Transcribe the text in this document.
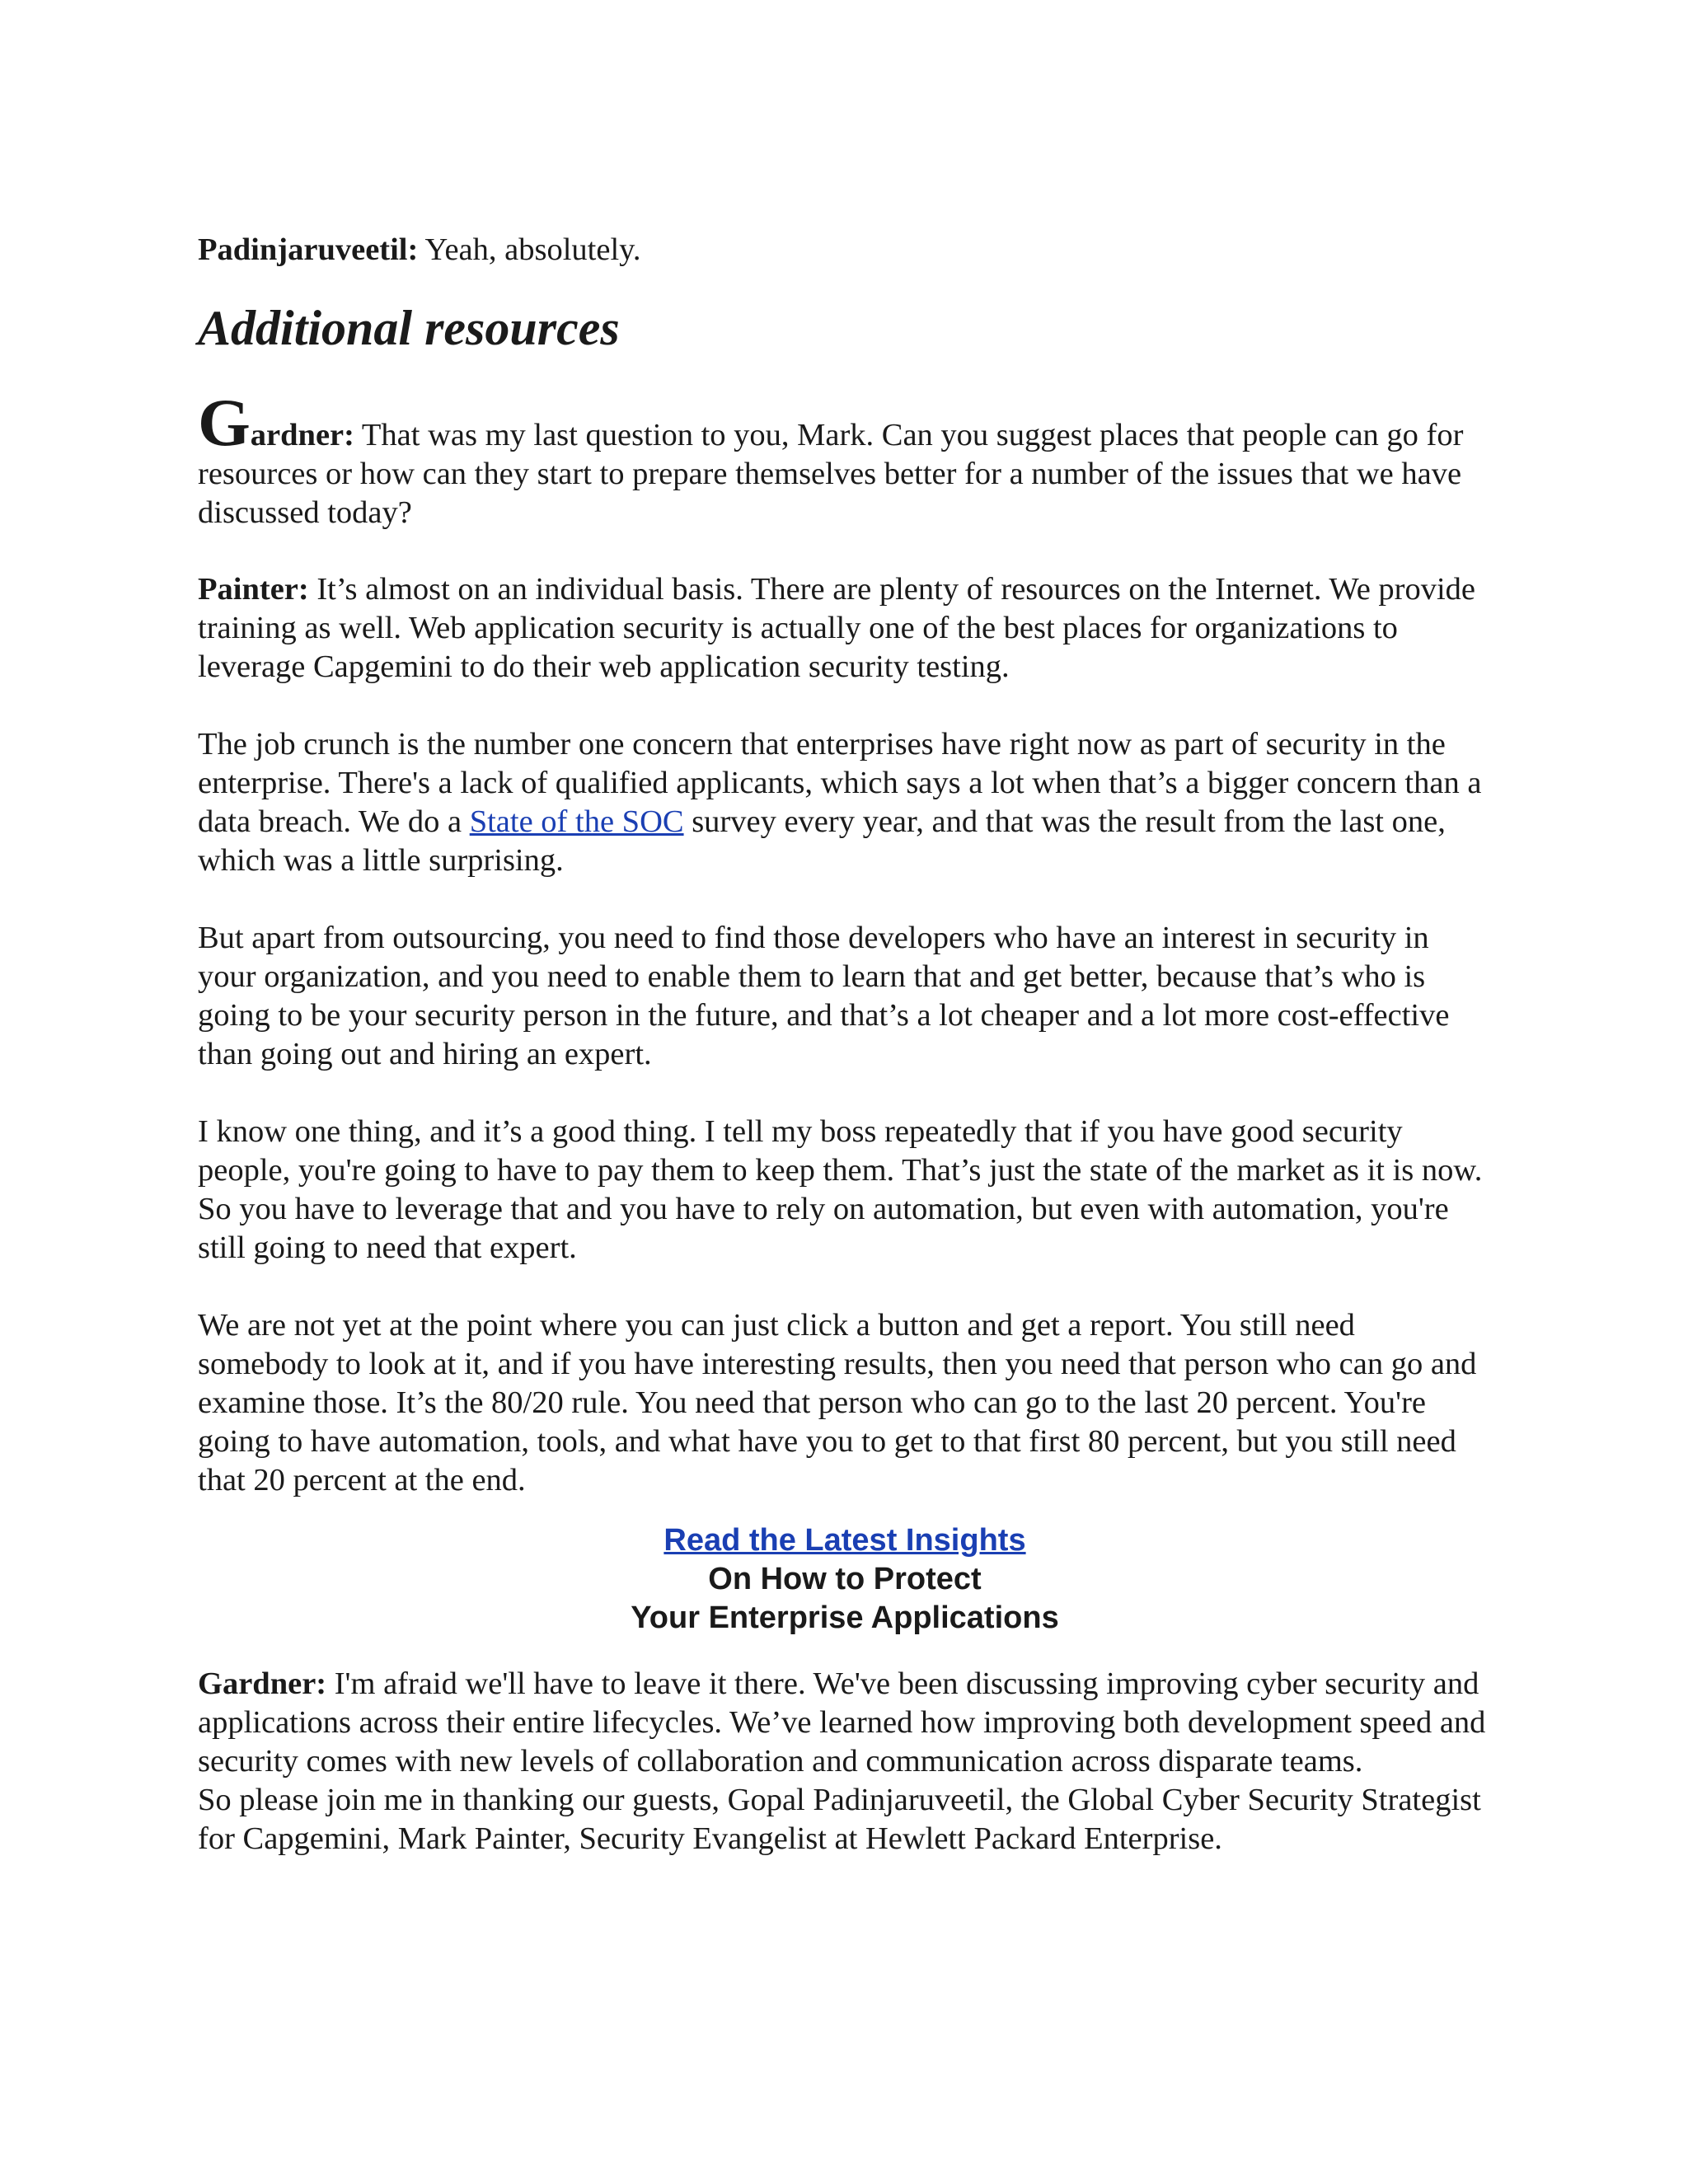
Padinjaruveetil: Yeah, absolutely.

Additional resources

Gardner: That was my last question to you, Mark. Can you suggest places that people can go for resources or how can they start to prepare themselves better for a number of the issues that we have discussed today?

Painter: It’s almost on an individual basis. There are plenty of resources on the Internet. We provide training as well. Web application security is actually one of the best places for organizations to leverage Capgemini to do their web application security testing.

The job crunch is the number one concern that enterprises have right now as part of security in the enterprise. There's a lack of qualified applicants, which says a lot when that’s a bigger concern than a data breach. We do a State of the SOC survey every year, and that was the result from the last one, which was a little surprising.

But apart from outsourcing, you need to find those developers who have an interest in security in your organization, and you need to enable them to learn that and get better, because that’s who is going to be your security person in the future, and that’s a lot cheaper and a lot more cost-effective than going out and hiring an expert.

I know one thing, and it’s a good thing. I tell my boss repeatedly that if you have good security people, you're going to have to pay them to keep them. That’s just the state of the market as it is now. So you have to leverage that and you have to rely on automation, but even with automation, you're still going to need that expert.

We are not yet at the point where you can just click a button and get a report. You still need somebody to look at it, and if you have interesting results, then you need that person who can go and examine those. It’s the 80/20 rule. You need that person who can go to the last 20 percent. You're going to have automation, tools, and what have you to get to that first 80 percent, but you still need that 20 percent at the end.

Read the Latest Insights
On How to Protect
Your Enterprise Applications

Gardner: I'm afraid we'll have to leave it there. We've been discussing improving cyber security and applications across their entire lifecycles. We’ve learned how improving both development speed and security comes with new levels of collaboration and communication across disparate teams.

So please join me in thanking our guests, Gopal Padinjaruveetil, the Global Cyber Security Strategist for Capgemini, Mark Painter, Security Evangelist at Hewlett Packard Enterprise.
